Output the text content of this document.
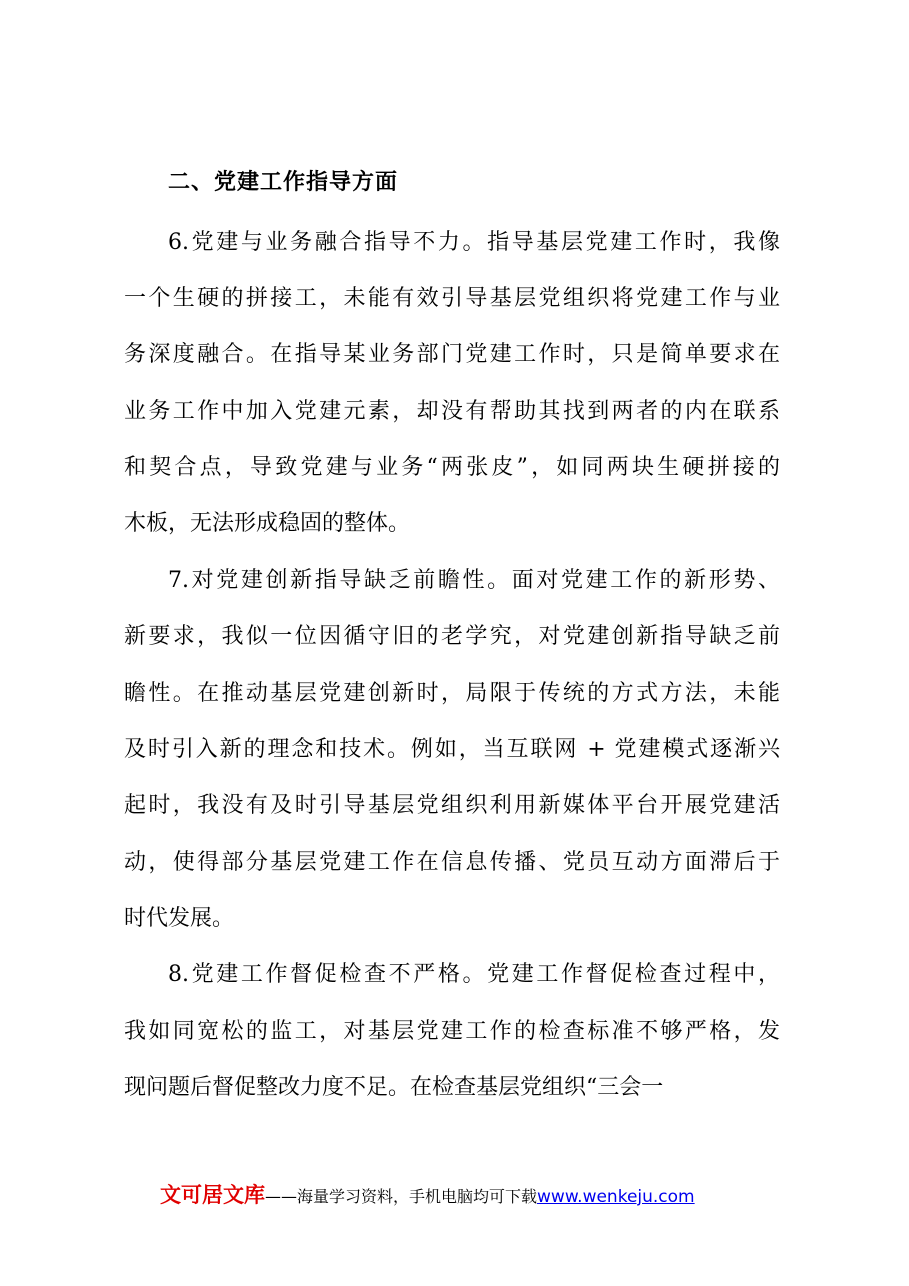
二、党建工作指导方面
6.党建与业务融合指导不力。指导基层党建工作时，我像
一个生硬的拼接工，未能有效引导基层党组织将党建工作与业
务深度融合。在指导某业务部门党建工作时，只是简单要求在
业务工作中加入党建元素，却没有帮助其找到两者的内在联系
和契合点，导致党建与业务“两张皮”，如同两块生硬拼接的
木板，无法形成稳固的整体。
7.对党建创新指导缺乏前瞻性。面对党建工作的新形势、
新要求，我似一位因循守旧的老学究，对党建创新指导缺乏前
瞻性。在推动基层党建创新时，局限于传统的方式方法，未能
及时引入新的理念和技术。例如，当互联网 + 党建模式逐渐兴
起时，我没有及时引导基层党组织利用新媒体平台开展党建活
动，使得部分基层党建工作在信息传播、党员互动方面滞后于
时代发展。
8.党建工作督促检查不严格。党建工作督促检查过程中，
我如同宽松的监工，对基层党建工作的检查标准不够严格，发
现问题后督促整改力度不足。在检查基层党组织“三会一
文可居文库——海量学习资料，手机电脑均可下载www.wenkeju.com
